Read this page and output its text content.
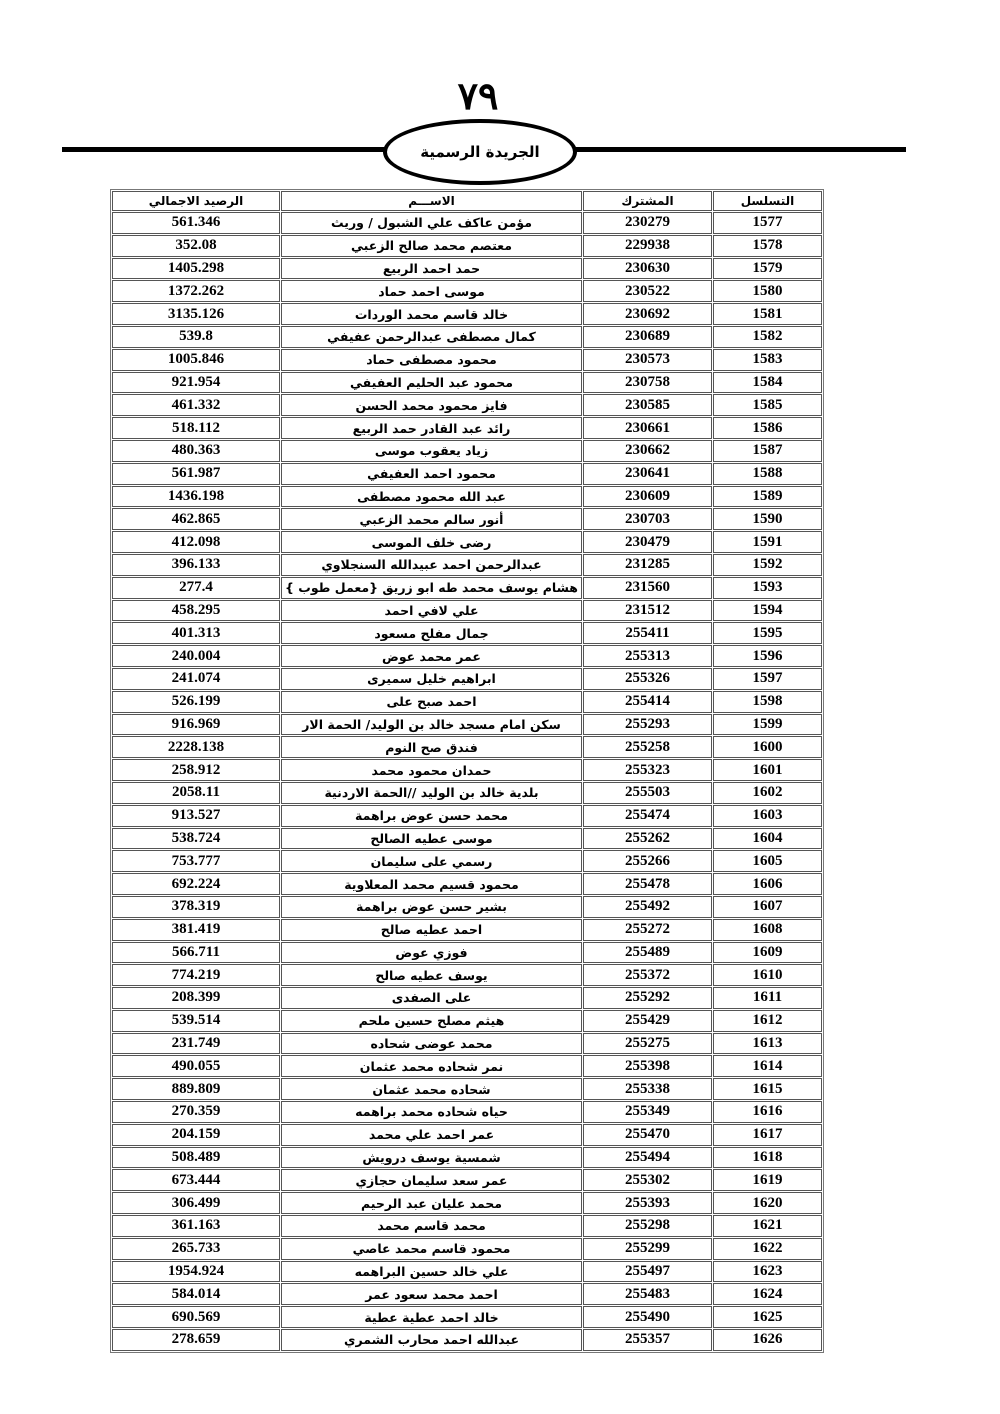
٧٩
الجريدة الرسمية
التسلسل	المشترك	الاســـم	الرصيد الاجمالي
1577	230279	مؤمن عاكف علي الشبول / وريث	561.346
1578	229938	معتصم محمد صالح الزعبي	352.08
1579	230630	حمد احمد الربيع	1405.298
1580	230522	موسى احمد حماد	1372.262
1581	230692	خالد قاسم محمد الوردات	3135.126
1582	230689	كمال مصطفى عبدالرحمن عفيفي	539.8
1583	230573	محمود مصطفى حماد	1005.846
1584	230758	محمود عبد الحليم العفيفي	921.954
1585	230585	فايز محمود محمد الحسن	461.332
1586	230661	رائد عبد القادر حمد الربيع	518.112
1587	230662	زياد يعقوب موسى	480.363
1588	230641	محمود احمد العفيفي	561.987
1589	230609	عبد الله محمود مصطفى	1436.198
1590	230703	أنور سالم محمد الزعبي	462.865
1591	230479	رضى خلف الموسى	412.098
1592	231285	عبدالرحمن احمد عبيدالله السنجلاوي	396.133
1593	231560	هشام يوسف محمد طه ابو زريق {معمل طوب }	277.4
1594	231512	علي لافي احمد	458.295
1595	255411	جمال مفلح مسعود	401.313
1596	255313	عمر محمد عوض	240.004
1597	255326	ابراهيم خليل سميرى	241.074
1598	255414	احمد صبح على	526.199
1599	255293	سكن امام مسجد خالد بن الوليد/ الحمة الار	916.969
1600	255258	فندق صح النوم	2228.138
1601	255323	حمدان محمود محمد	258.912
1602	255503	بلدية خالد بن الوليد //الحمة الاردنية	2058.11
1603	255474	محمد حسن عوض براهمة	913.527
1604	255262	موسى عطيه الصالح	538.724
1605	255266	رسمي على سليمان	753.777
1606	255478	محمود قسيم محمد المعلاوية	692.224
1607	255492	بشير حسن عوض براهمة	378.319
1608	255272	احمد عطيه صالح	381.419
1609	255489	فوزي عوض	566.711
1610	255372	يوسف عطيه صالح	774.219
1611	255292	على الصفدى	208.399
1612	255429	هيثم مصلح حسين ملحم	539.514
1613	255275	محمد عوضى شحاده	231.749
1614	255398	نمر شحاده محمد عثمان	490.055
1615	255338	شحاده محمد عثمان	889.809
1616	255349	حياه شحاده محمد براهمه	270.359
1617	255470	عمر احمد علي محمد	204.159
1618	255494	شمسية يوسف درويش	508.489
1619	255302	عمر سعد سليمان حجازي	673.444
1620	255393	محمد عليان عبد الرحيم	306.499
1621	255298	محمد قاسم محمد	361.163
1622	255299	محمود قاسم محمد عاصي	265.733
1623	255497	علي خالد حسين البراهمه	1954.924
1624	255483	احمد محمد سعود عمر	584.014
1625	255490	خالد احمد عطية عطية	690.569
1626	255357	عبدالله احمد محارب الشمري	278.659
